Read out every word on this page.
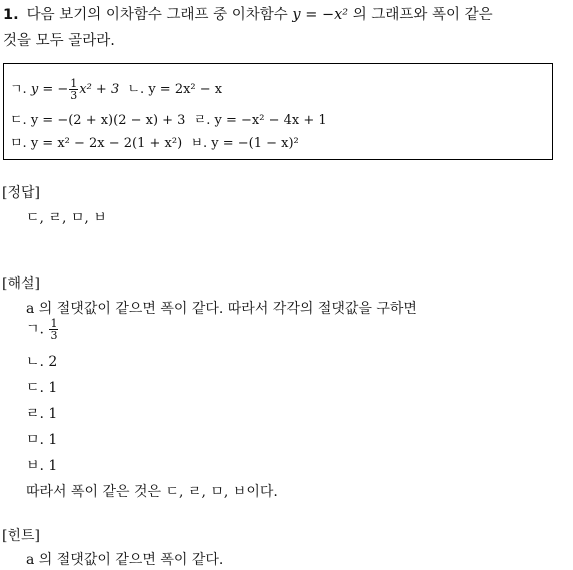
1. 다음 보기의 이차함수 그래프 중 이차함수 y = −x² 의 그래프와 폭이 같은
것을 모두 골라라.
ㄱ. y = − $\frac{1}{3} x^2 + 3$ ㄴ. y = 2x² − x
ㄷ. y = −(2 + x)(2 − x) + 3 ㄹ. y = −x² − 4x + 1
ㅁ. y = x² − 2x − 2(1 + x²) ㅂ. y = −(1 − x)²
[정답]
ㄷ, ㄹ, ㅁ, ㅂ
[해설]
a 의 절댓값이 같으면 폭이 같다. 따라서 각각의 절댓값을 구하면
ㄱ. $\frac{1}{3}$
ㄴ. 2
ㄷ. 1
ㄹ. 1
ㅁ. 1
ㅂ. 1
따라서 폭이 같은 것은 ㄷ, ㄹ, ㅁ, ㅂ이다.
[힌트]
a 의 절댓값이 같으면 폭이 같다.
